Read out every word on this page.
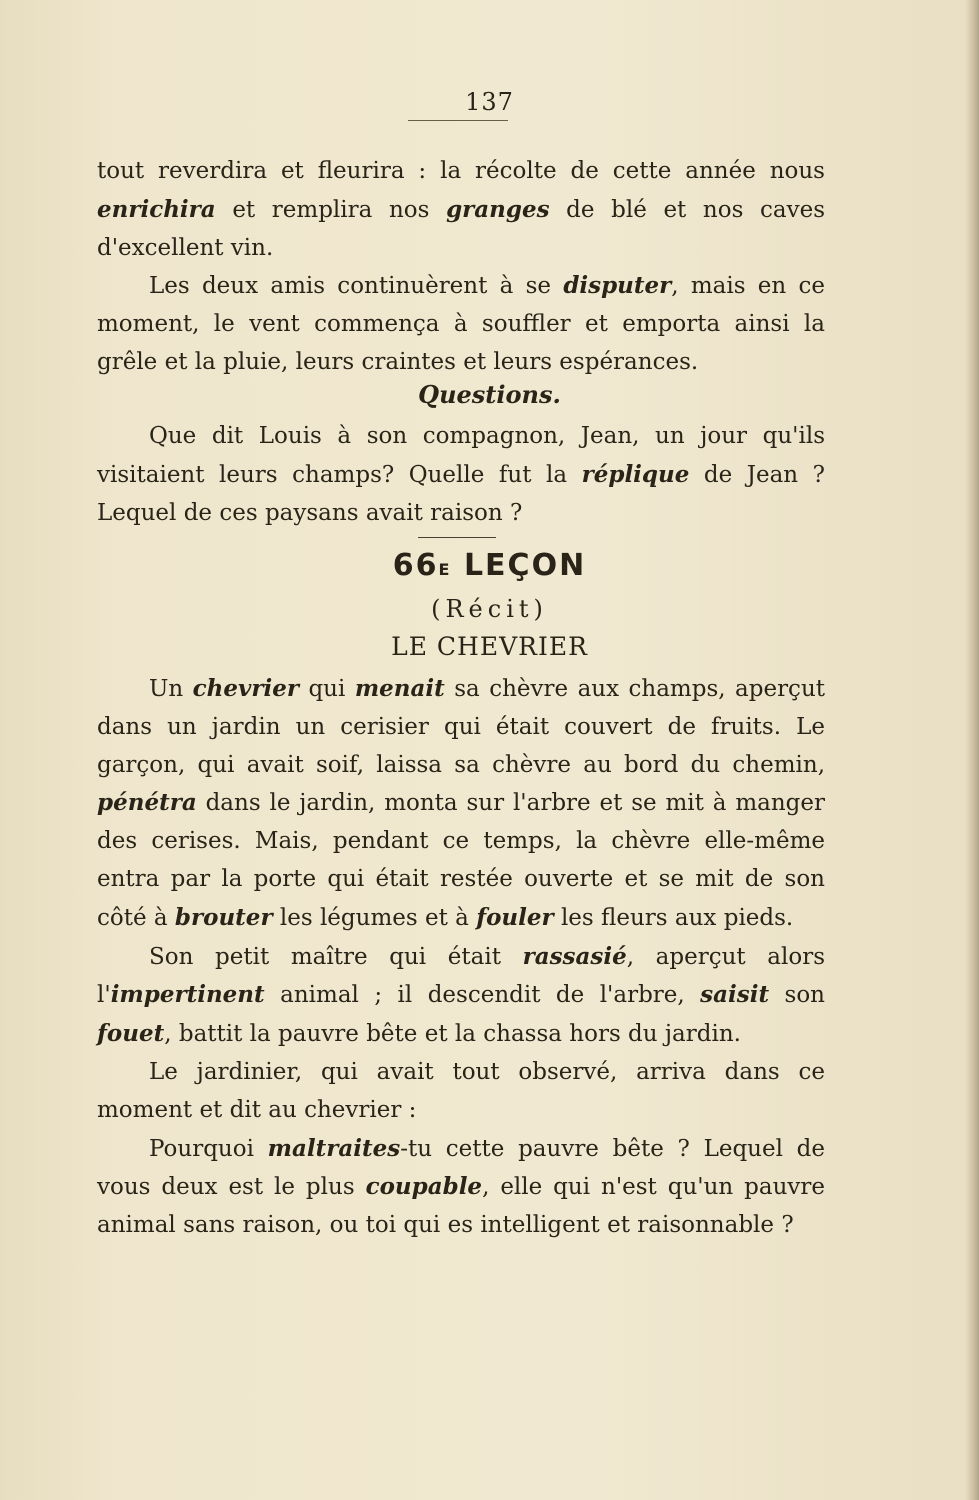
137

tout reverdira et fleurira : la récolte de cette année nous enrichira et remplira nos granges de blé et nos caves d'excellent vin.

Les deux amis continuèrent à se disputer, mais en ce moment, le vent commença à souffler et emporta ainsi la grêle et la pluie, leurs craintes et leurs espérances.

Questions.

Que dit Louis à son compagnon, Jean, un jour qu'ils visitaient leurs champs? Quelle fut la réplique de Jean ? Lequel de ces paysans avait raison ?

66E LEÇON
(Récit)
LE CHEVRIER

Un chevrier qui menait sa chèvre aux champs, aperçut dans un jardin un cerisier qui était couvert de fruits. Le garçon, qui avait soif, laissa sa chèvre au bord du chemin, pénétra dans le jardin, monta sur l'arbre et se mit à manger des cerises. Mais, pendant ce temps, la chèvre elle-même entra par la porte qui était restée ouverte et se mit de son côté à brouter les légumes et à fouler les fleurs aux pieds.

Son petit maître qui était rassasié, aperçut alors l'impertinent animal ; il descendit de l'arbre, saisit son fouet, battit la pauvre bête et la chassa hors du jardin.

Le jardinier, qui avait tout observé, arriva dans ce moment et dit au chevrier :

Pourquoi maltraites-tu cette pauvre bête ? Lequel de vous deux est le plus coupable, elle qui n'est qu'un pauvre animal sans raison, ou toi qui es intelligent et raisonnable ?
